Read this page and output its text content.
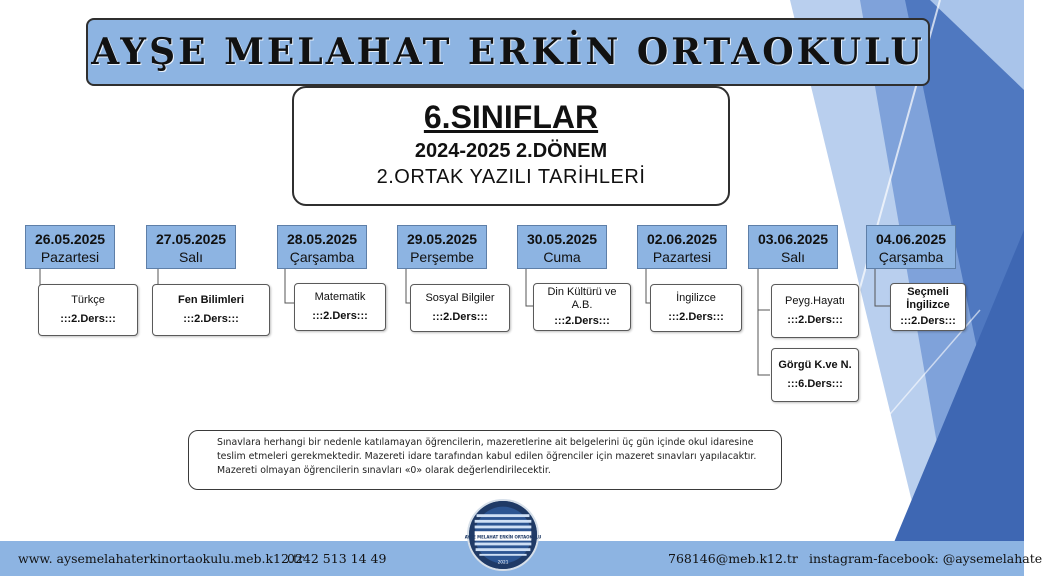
AYŞE MELAHAT ERKİN ORTAOKULU
6.SINIFLAR
2024-2025 2.DÖNEM
2.ORTAK YAZILI TARİHLERİ
26.05.2025
Pazartesi
Türkçe
:::2.Ders:::
27.05.2025
Salı
Fen Bilimleri
:::2.Ders:::
28.05.2025
Çarşamba
Matematik
:::2.Ders:::
29.05.2025
Perşembe
Sosyal Bilgiler
:::2.Ders:::
30.05.2025
Cuma
Din Kültürü ve
A.B.
:::2.Ders:::
02.06.2025
Pazartesi
İngilizce
:::2.Ders:::
03.06.2025
Salı
Peyg.Hayatı
:::2.Ders:::
Görgü K.ve N.
:::6.Ders:::
04.06.2025
Çarşamba
Seçmeli
İngilizce
:::2.Ders:::
Sınavlara herhangi bir nedenle katılamayan öğrencilerin, mazeretlerine ait belgelerini üç gün içinde okul idaresine teslim etmeleri gerekmektedir. Mazereti idare tarafından kabul edilen öğrenciler için mazeret sınavları yapılacaktır. Mazereti olmayan öğrencilerin sınavları «0» olarak değerlendirilecektir.
www. aysemelahaterkinortaokulu.meb.k12.tr
0242 513 14 49	768146@meb.k12.tr instagram-facebook: @aysemelahate
AYŞE MELAHAT ERKİN ORTAOKULU
2021
